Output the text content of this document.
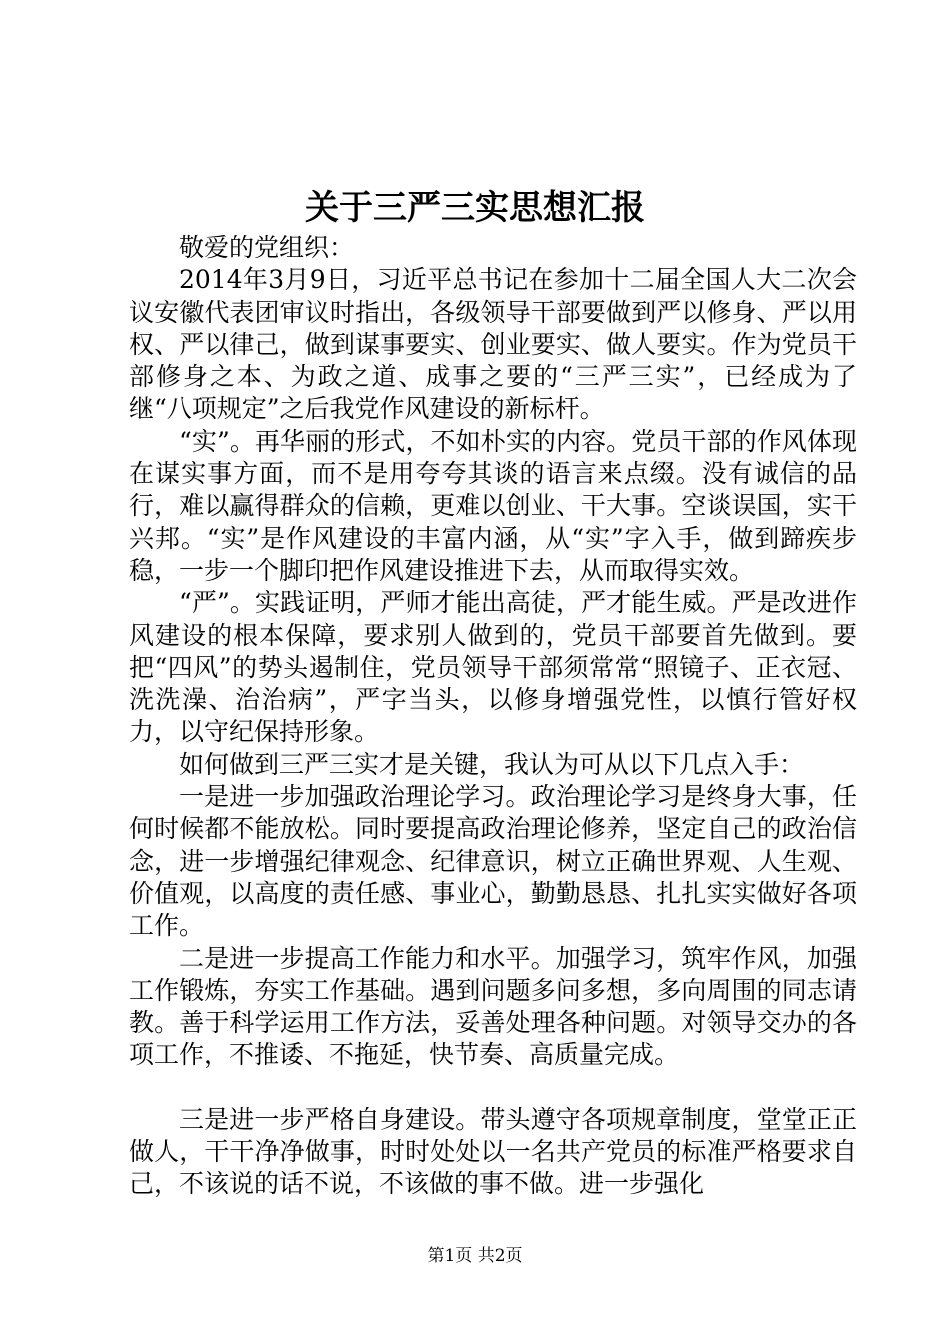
关于三严三实思想汇报

敬爱的党组织：

2014年3月9日，习近平总书记在参加十二届全国人大二次会议安徽代表团审议时指出，各级领导干部要做到严以修身、严以用权、严以律己，做到谋事要实、创业要实、做人要实。作为党员干部修身之本、为政之道、成事之要的“三严三实”，已经成为了继“八项规定”之后我党作风建设的新标杆。

“实”。再华丽的形式，不如朴实的内容。党员干部的作风体现在谋实事方面，而不是用夸夸其谈的语言来点缀。没有诚信的品行，难以赢得群众的信赖，更难以创业、干大事。空谈误国，实干兴邦。“实”是作风建设的丰富内涵，从“实”字入手，做到蹄疾步稳，一步一个脚印把作风建设推进下去，从而取得实效。

“严”。实践证明，严师才能出高徒，严才能生威。严是改进作风建设的根本保障，要求别人做到的，党员干部要首先做到。要把“四风”的势头遏制住，党员领导干部须常常“照镜子、正衣冠、洗洗澡、治治病”，严字当头，以修身增强党性，以慎行管好权力，以守纪保持形象。

如何做到三严三实才是关键，我认为可从以下几点入手：

一是进一步加强政治理论学习。政治理论学习是终身大事，任何时候都不能放松。同时要提高政治理论修养，坚定自己的政治信念，进一步增强纪律观念、纪律意识，树立正确世界观、人生观、价值观，以高度的责任感、事业心，勤勤恳恳、扎扎实实做好各项工作。

二是进一步提高工作能力和水平。加强学习，筑牢作风，加强工作锻炼，夯实工作基础。遇到问题多问多想，多向周围的同志请教。善于科学运用工作方法，妥善处理各种问题。对领导交办的各项工作，不推诿、不拖延，快节奏、高质量完成。

三是进一步严格自身建设。带头遵守各项规章制度，堂堂正正做人，干干净净做事，时时处处以一名共产党员的标准严格要求自己，不该说的话不说，不该做的事不做。进一步强化

第1页 共2页
